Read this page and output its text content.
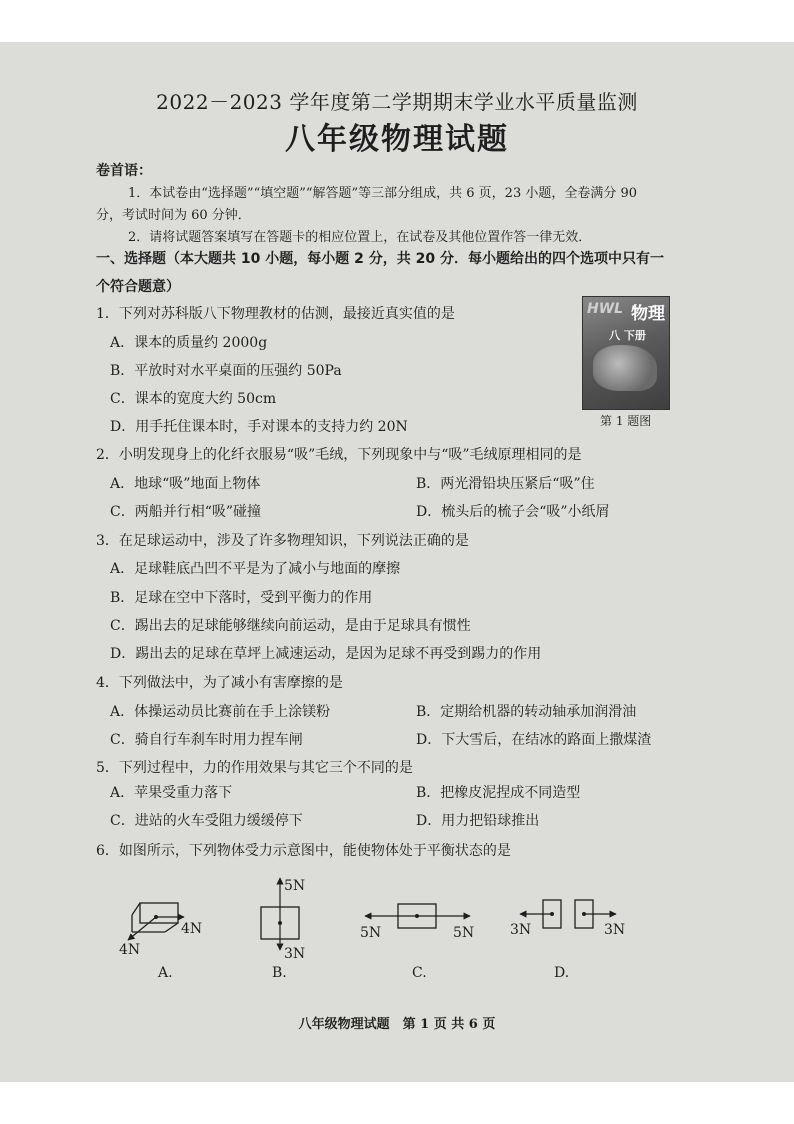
2022－2023 学年度第二学期期末学业水平质量监测
八年级物理试题
卷首语：
1．本试卷由“选择题”“填空题”“解答题”等三部分组成，共 6 页，23 小题，全卷满分 90
分，考试时间为 60 分钟．
2．请将试题答案填写在答题卡的相应位置上，在试卷及其他位置作答一律无效．
一、选择题（本大题共 10 小题，每小题 2 分，共 20 分．每小题给出的四个选项中只有一
个符合题意）
1．下列对苏科版八下物理教材的估测，最接近真实值的是
A．课本的质量约 2000g
B．平放时对水平桌面的压强约 50Pa
C．课本的宽度大约 50cm
D．用手托住课本时，手对课本的支持力约 20N
HWL 物理
八 下册
第 1 题图
2．小明发现身上的化纤衣服易“吸”毛绒，下列现象中与“吸”毛绒原理相同的是
A．地球“吸”地面上物体	B．两光滑铅块压紧后“吸”住
C．两船并行相“吸”碰撞	D．梳头后的梳子会“吸”小纸屑
3．在足球运动中，涉及了许多物理知识，下列说法正确的是
A．足球鞋底凸凹不平是为了减小与地面的摩擦
B．足球在空中下落时，受到平衡力的作用
C．踢出去的足球能够继续向前运动，是由于足球具有惯性
D．踢出去的足球在草坪上减速运动，是因为足球不再受到踢力的作用
4．下列做法中，为了减小有害摩擦的是
A．体操运动员比赛前在手上涂镁粉	B．定期给机器的转动轴承加润滑油
C．骑自行车刹车时用力捏车闸	D．下大雪后，在结冰的路面上撒煤渣
5．下列过程中，力的作用效果与其它三个不同的是
A．苹果受重力落下	B．把橡皮泥捏成不同造型
C．进站的火车受阻力缓缓停下	D．用力把铅球推出
6．如图所示，下列物体受力示意图中，能使物体处于平衡状态的是
4N
4N
A.
5N
3N
B.
5N	5N
C.
3N	3N
D.
八年级物理试题　第 1 页 共 6 页
